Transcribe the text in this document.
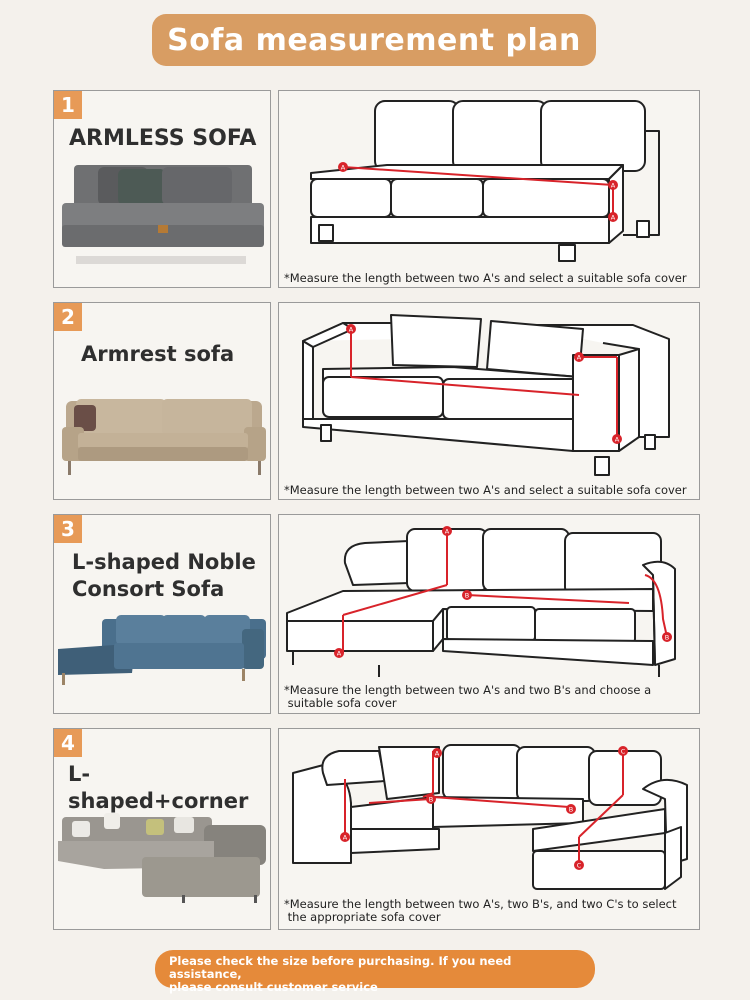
Sofa measurement plan
1
ARMLESS SOFA
A
A
A
*Measure the length between two A's and select a suitable sofa cover
2
Armrest sofa
A
A
A
*Measure the length between two A's and select a suitable sofa cover
3
L-shaped Noble
Consort Sofa
A
A
B
B
*Measure the length between two A's and two B's and choose a
suitable sofa cover
4
L-shaped+corner
A
A
B
B
C
C
*Measure the length between two A's, two B's, and two C's to select
the appropriate sofa cover
Please check the size before purchasing. If you need assistance,
please consult customer service
